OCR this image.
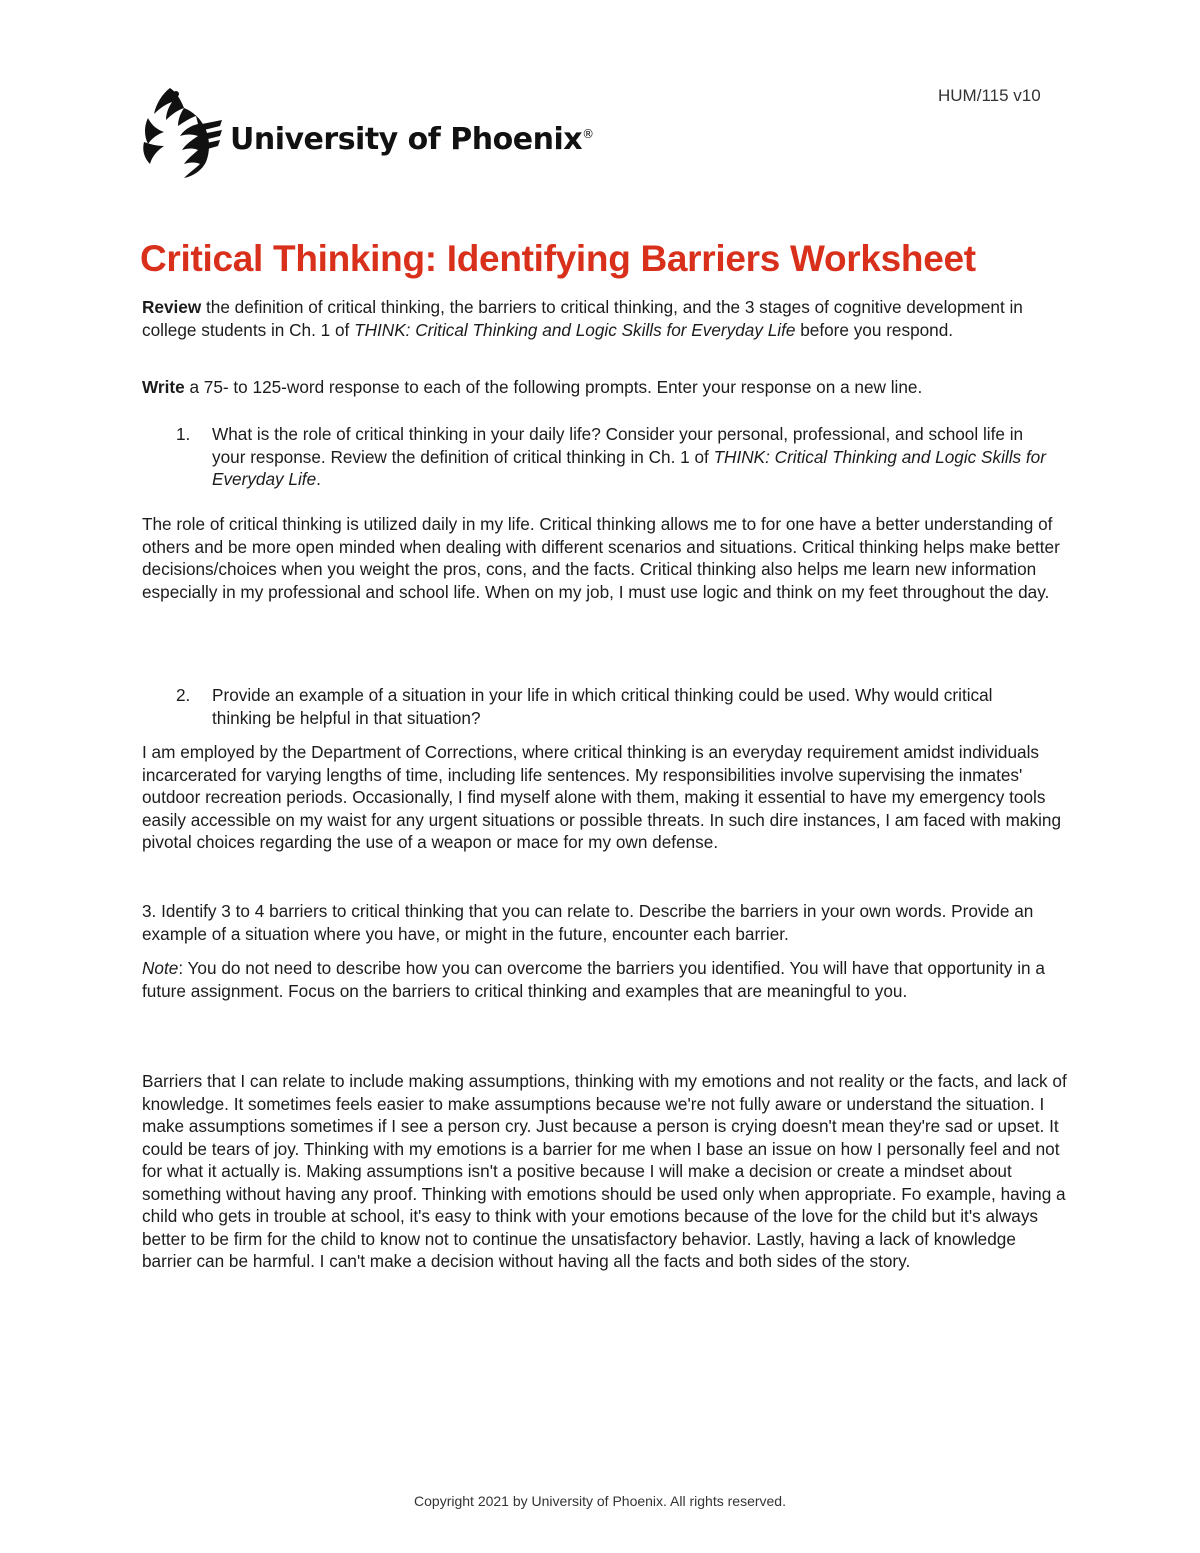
HUM/115 v10
University of Phoenix®
Critical Thinking: Identifying Barriers Worksheet

Review the definition of critical thinking, the barriers to critical thinking, and the 3 stages of cognitive development in college students in Ch. 1 of THINK: Critical Thinking and Logic Skills for Everyday Life before you respond.

Write a 75- to 125-word response to each of the following prompts. Enter your response on a new line.

1. What is the role of critical thinking in your daily life? Consider your personal, professional, and school life in your response. Review the definition of critical thinking in Ch. 1 of THINK: Critical Thinking and Logic Skills for Everyday Life.

The role of critical thinking is utilized daily in my life. Critical thinking allows me to for one have a better understanding of others and be more open minded when dealing with different scenarios and situations. Critical thinking helps make better decisions/choices when you weight the pros, cons, and the facts. Critical thinking also helps me learn new information especially in my professional and school life. When on my job, I must use logic and think on my feet throughout the day.

2. Provide an example of a situation in your life in which critical thinking could be used. Why would critical thinking be helpful in that situation?

I am employed by the Department of Corrections, where critical thinking is an everyday requirement amidst individuals incarcerated for varying lengths of time, including life sentences. My responsibilities involve supervising the inmates' outdoor recreation periods. Occasionally, I find myself alone with them, making it essential to have my emergency tools easily accessible on my waist for any urgent situations or possible threats. In such dire instances, I am faced with making pivotal choices regarding the use of a weapon or mace for my own defense.

3. Identify 3 to 4 barriers to critical thinking that you can relate to. Describe the barriers in your own words. Provide an example of a situation where you have, or might in the future, encounter each barrier.

Note: You do not need to describe how you can overcome the barriers you identified. You will have that opportunity in a future assignment. Focus on the barriers to critical thinking and examples that are meaningful to you.

Barriers that I can relate to include making assumptions, thinking with my emotions and not reality or the facts, and lack of knowledge. It sometimes feels easier to make assumptions because we're not fully aware or understand the situation. I make assumptions sometimes if I see a person cry. Just because a person is crying doesn't mean they're sad or upset. It could be tears of joy. Thinking with my emotions is a barrier for me when I base an issue on how I personally feel and not for what it actually is. Making assumptions isn't a positive because I will make a decision or create a mindset about something without having any proof. Thinking with emotions should be used only when appropriate. Fo example, having a child who gets in trouble at school, it's easy to think with your emotions because of the love for the child but it's always better to be firm for the child to know not to continue the unsatisfactory behavior. Lastly, having a lack of knowledge barrier can be harmful. I can't make a decision without having all the facts and both sides of the story.

Copyright 2021 by University of Phoenix. All rights reserved.
